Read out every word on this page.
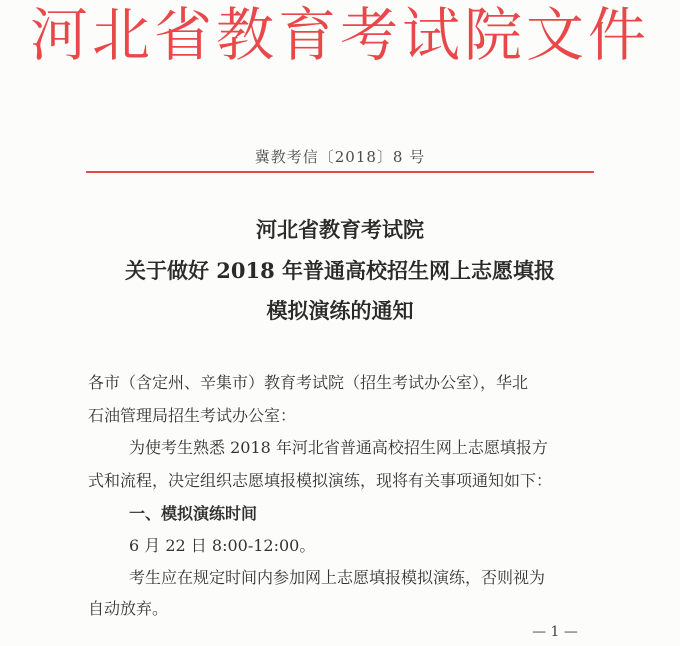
河北省教育考试院文件
冀教考信〔2018〕8 号
河北省教育考试院
关于做好 2018 年普通高校招生网上志愿填报
模拟演练的通知
各市（含定州、辛集市）教育考试院（招生考试办公室），华北
石油管理局招生考试办公室：
为使考生熟悉 2018 年河北省普通高校招生网上志愿填报方
式和流程，决定组织志愿填报模拟演练，现将有关事项通知如下：
一、模拟演练时间
6 月 22 日 8:00-12:00。
考生应在规定时间内参加网上志愿填报模拟演练，否则视为
自动放弃。
— 1 —
